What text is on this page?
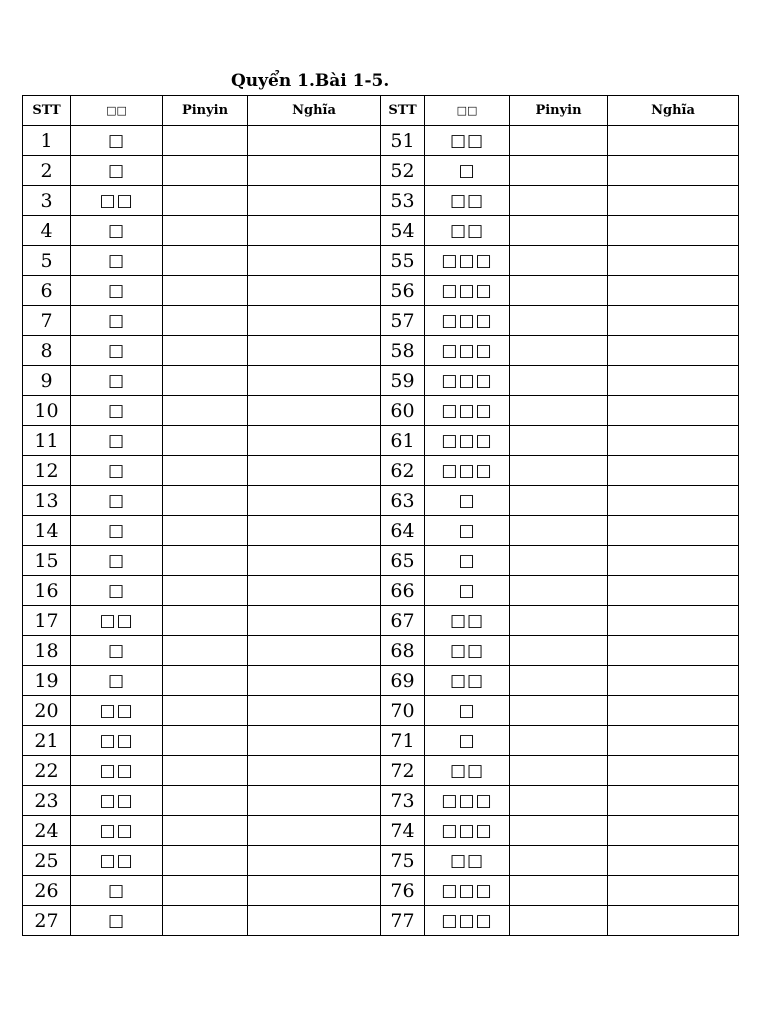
Quyển 1.Bài 1-5.
STT	□□	Pinyin	Nghĩa	STT	□□	Pinyin	Nghĩa
1	□			51	□□		
2	□			52	□		
3	□□			53	□□		
4	□			54	□□		
5	□			55	□□□		
6	□			56	□□□		
7	□			57	□□□		
8	□			58	□□□		
9	□			59	□□□		
10	□			60	□□□		
11	□			61	□□□		
12	□			62	□□□		
13	□			63	□		
14	□			64	□		
15	□			65	□		
16	□			66	□		
17	□□			67	□□		
18	□			68	□□		
19	□			69	□□		
20	□□			70	□		
21	□□			71	□		
22	□□			72	□□		
23	□□			73	□□□		
24	□□			74	□□□		
25	□□			75	□□		
26	□			76	□□□		
27	□			77	□□□		
